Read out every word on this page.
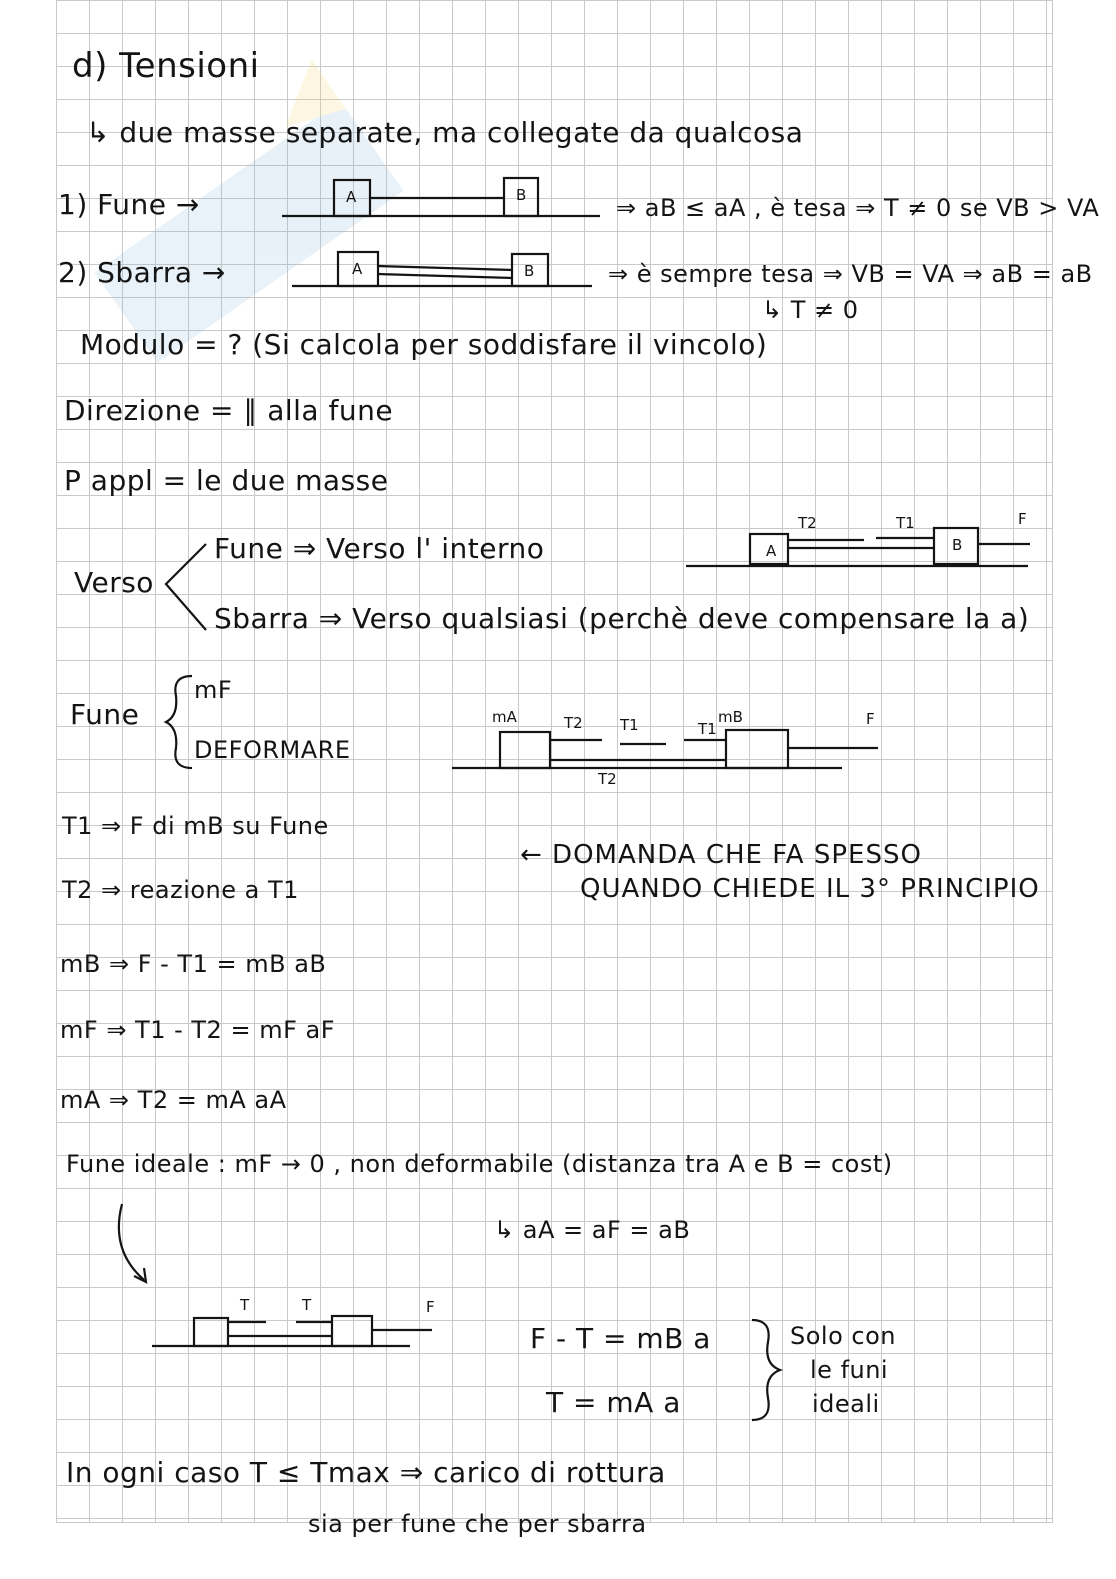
d) Tensioni
↳ due masse separate, ma collegate da qualcosa
1) Fune →	A	B	⇒ aB ≤ aA , è tesa ⇒ T ≠ 0 se VB > VA
2) Sbarra →	A	B	⇒ è sempre tesa ⇒ VB = VA ⇒ aB = aB
↳ T ≠ 0
Modulo = ? (Si calcola per soddisfare il vincolo)
Direzione = ∥ alla fune
P appl = le due masse
Verso
Fune ⇒ Verso l' interno
Sbarra ⇒ Verso qualsiasi (perchè deve compensare la a)
A	B
T2	T1	F
Fune
mF
DEFORMARE
mA	T2 T1	T1
mB	F
T2
T1 ⇒ F di mB su Fune
T2 ⇒ reazione a T1
← DOMANDA CHE FA SPESSO
QUANDO CHIEDE IL 3° PRINCIPIO
mB ⇒ F - T1 = mB aB
mF ⇒ T1 - T2 = mF aF
mA ⇒ T2 = mA aA
Fune ideale : mF → 0 , non deformabile (distanza tra A e B = cost)
↳ aA = aF = aB
T	T	F
F - T = mB a
T = mA a
Solo con
le funi
ideali
In ogni caso T ≤ Tmax ⇒ carico di rottura
sia per fune che per sbarra
